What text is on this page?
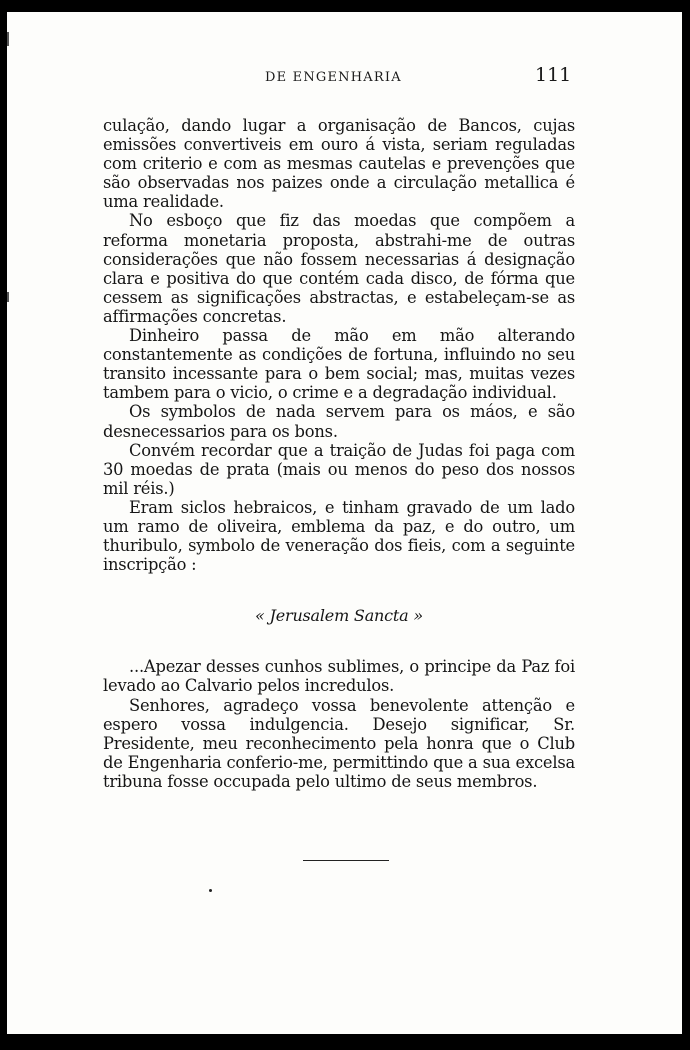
DE ENGENHARIA	111

culação, dando lugar a organisação de Bancos, cujas emissões convertiveis em ouro á vista, seriam reguladas com criterio e com as mesmas cautelas e prevenções que são observadas nos paizes onde a circulação metallica é uma realidade.

No esboço que fiz das moedas que compõem a reforma monetaria proposta, abstrahi-me de outras considerações que não fossem necessarias á designação clara e positiva do que contém cada disco, de fórma que cessem as significações abstractas, e estabeleçam-se as affirmações concretas.

Dinheiro passa de mão em mão alterando constantemente as condições de fortuna, influindo no seu transito incessante para o bem social; mas, muitas vezes tambem para o vicio, o crime e a degradação individual.

Os symbolos de nada servem para os máos, e são desnecessarios para os bons.

Convém recordar que a traição de Judas foi paga com 30 moedas de prata (mais ou menos do peso dos nossos mil réis.)

Eram siclos hebraicos, e tinham gravado de um lado um ramo de oliveira, emblema da paz, e do outro, um thuribulo, symbolo de veneração dos fieis, com a seguinte inscripção :

« Jerusalem Sancta »

...Apezar desses cunhos sublimes, o principe da Paz foi levado ao Calvario pelos incredulos.

Senhores, agradeço vossa benevolente attenção e espero vossa indulgencia. Desejo significar, Sr. Presidente, meu reconhecimento pela honra que o Club de Engenharia conferio-me, permittindo que a sua excelsa tribuna fosse occupada pelo ultimo de seus membros.
